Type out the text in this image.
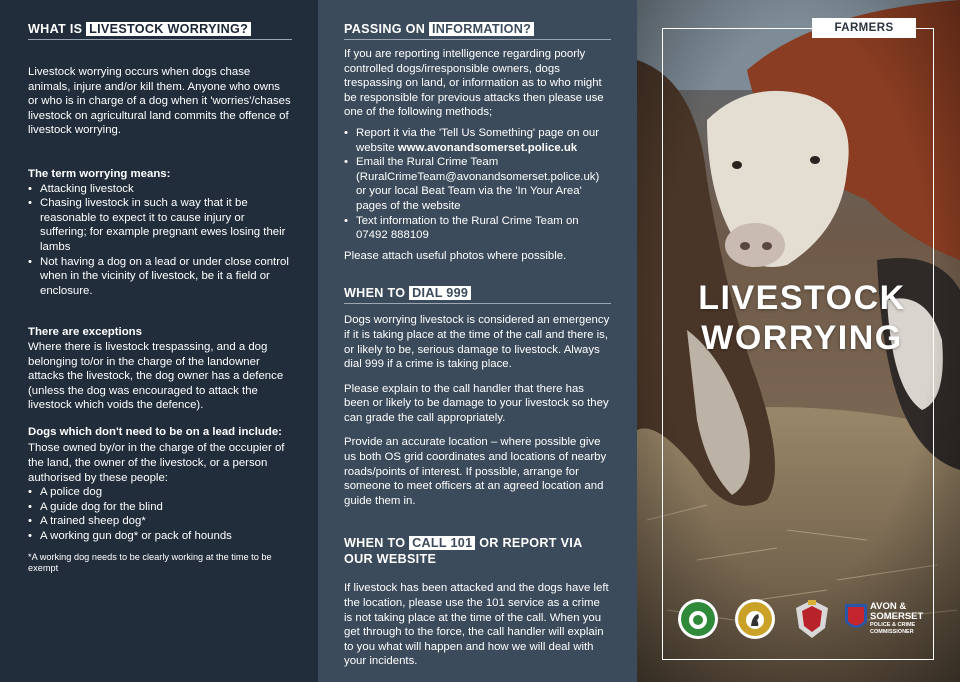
WHAT IS LIVESTOCK WORRYING?

Livestock worrying occurs when dogs chase animals, injure and/or kill them. Anyone who owns or who is in charge of a dog when it 'worries'/chases livestock on agricultural land commits the offence of livestock worrying.

The term worrying means:
• Attacking livestock
• Chasing livestock in such a way that it be reasonable to expect it to cause injury or suffering; for example pregnant ewes losing their lambs
• Not having a dog on a lead or under close control when in the vicinity of livestock, be it a field or enclosure.
There are exceptions

Where there is livestock trespassing, and a dog belonging to/or in the charge of the landowner attacks the livestock, the dog owner has a defence (unless the dog was encouraged to attack the livestock which voids the defence).

Dogs which don't need to be on a lead include:

Those owned by/or in the charge of the occupier of the land, the owner of the livestock, or a person authorised by these people:

• A police dog
• A guide dog for the blind
• A trained sheep dog*
• A working gun dog* or pack of hounds

*A working dog needs to be clearly working at the time to be exempt

PASSING ON INFORMATION?

If you are reporting intelligence regarding poorly controlled dogs/irresponsible owners, dogs trespassing on land, or information as to who might be responsible for previous attacks then please use one of the following methods;

• Report it via the 'Tell Us Something' page on our website www.avonandsomerset.police.uk
• Email the Rural Crime Team (RuralCrimeTeam@avonandsomerset.police.uk) or your local Beat Team via the 'In Your Area' pages of the website
• Text information to the Rural Crime Team on 07492 888109

Please attach useful photos where possible.

WHEN TO DIAL 999

Dogs worrying livestock is considered an emergency if it is taking place at the time of the call and there is, or likely to be, serious damage to livestock. Always dial 999 if a crime is taking place.

Please explain to the call handler that there has been or likely to be damage to your livestock so they can grade the call appropriately.

Provide an accurate location – where possible give us both OS grid coordinates and locations of nearby roads/points of interest. If possible, arrange for someone to meet officers at an agreed location and guide them in.

WHEN TO CALL 101 OR REPORT VIA OUR WEBSITE

If livestock has been attacked and the dogs have left the location, please use the 101 service as a crime is not taking place at the time of the call. When you get through to the force, the call handler will explain to you what will happen and how we will deal with your incidents.

FARMERS
LIVESTOCK
WORRYING
AVON &
SOMERSET
POLICE & CRIME
COMMISSIONER
